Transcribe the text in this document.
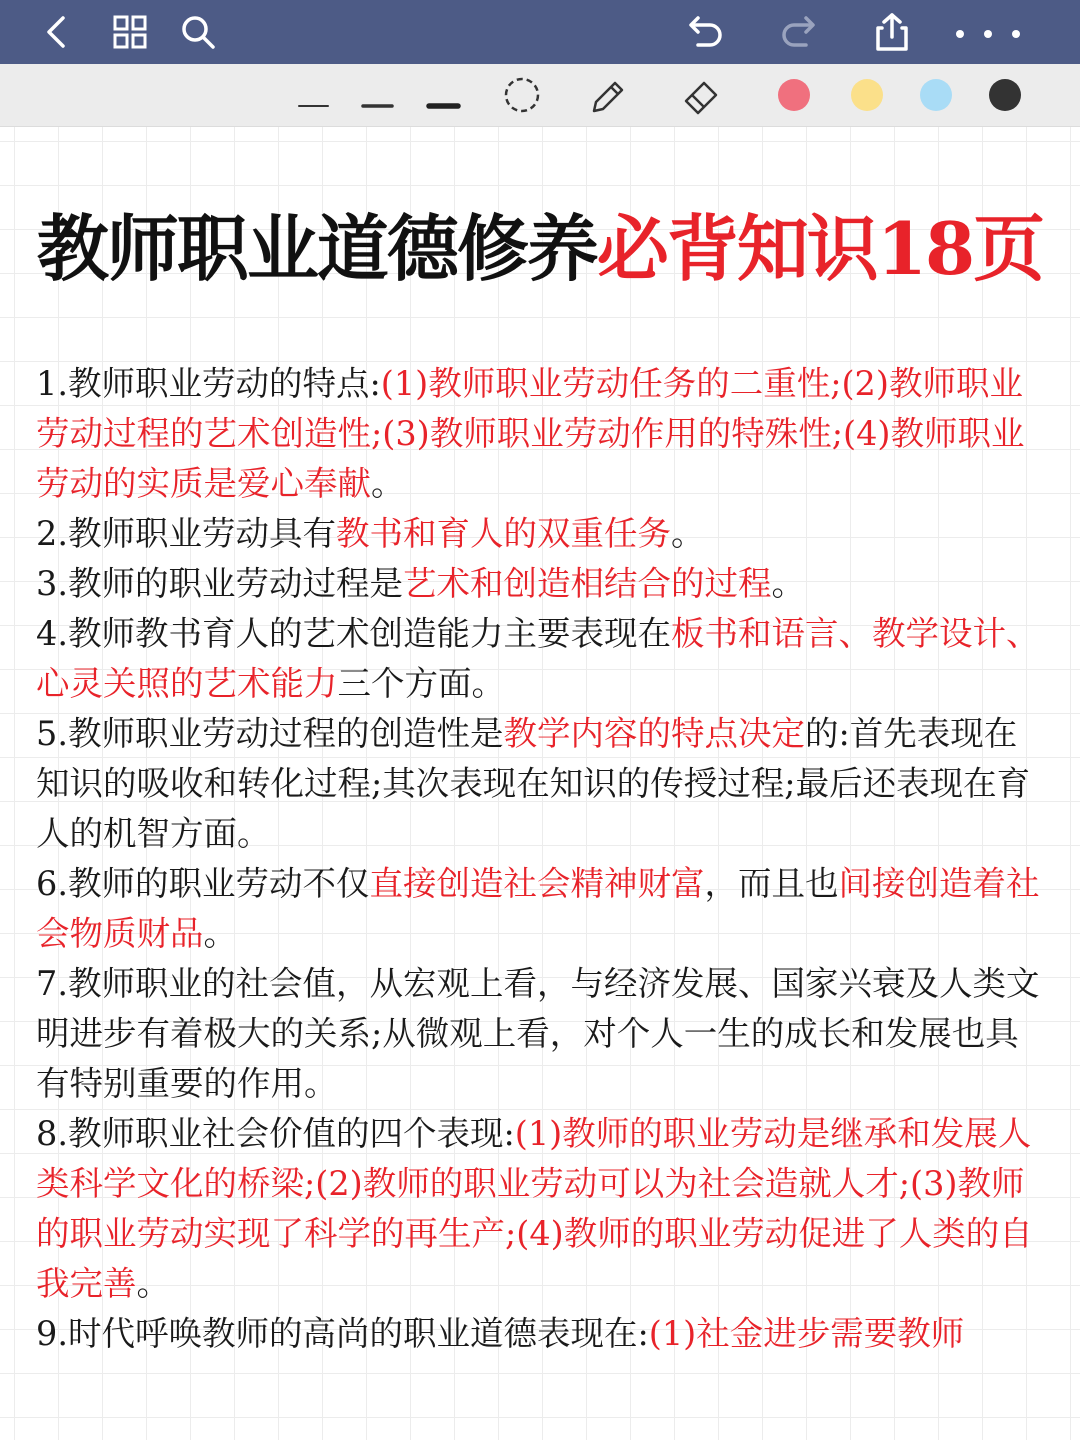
教师职业道德修养必背知识18页

1.教师职业劳动的特点:(1)教师职业劳动任务的二重性;(2)教师职业劳动过程的艺术创造性;(3)教师职业劳动作用的特殊性;(4)教师职业劳动的实质是爱心奉献。

2.教师职业劳动具有教书和育人的双重任务。

3.教师的职业劳动过程是艺术和创造相结合的过程。

4.教师教书育人的艺术创造能力主要表现在板书和语言、教学设计、心灵关照的艺术能力三个方面。

5.教师职业劳动过程的创造性是教学内容的特点决定的:首先表现在知识的吸收和转化过程;其次表现在知识的传授过程;最后还表现在育人的机智方面。

6.教师的职业劳动不仅直接创造社会精神财富，而且也间接创造着社会物质财品。

7.教师职业的社会值，从宏观上看，与经济发展、国家兴衰及人类文明进步有着极大的关系;从微观上看，对个人一生的成长和发展也具有特别重要的作用。

8.教师职业社会价值的四个表现:(1)教师的职业劳动是继承和发展人类科学文化的桥梁;(2)教师的职业劳动可以为社会造就人才;(3)教师的职业劳动实现了科学的再生产;(4)教师的职业劳动促进了人类的自我完善。

9.时代呼唤教师的高尚的职业道德表现在:(1)社金进步需要教师
